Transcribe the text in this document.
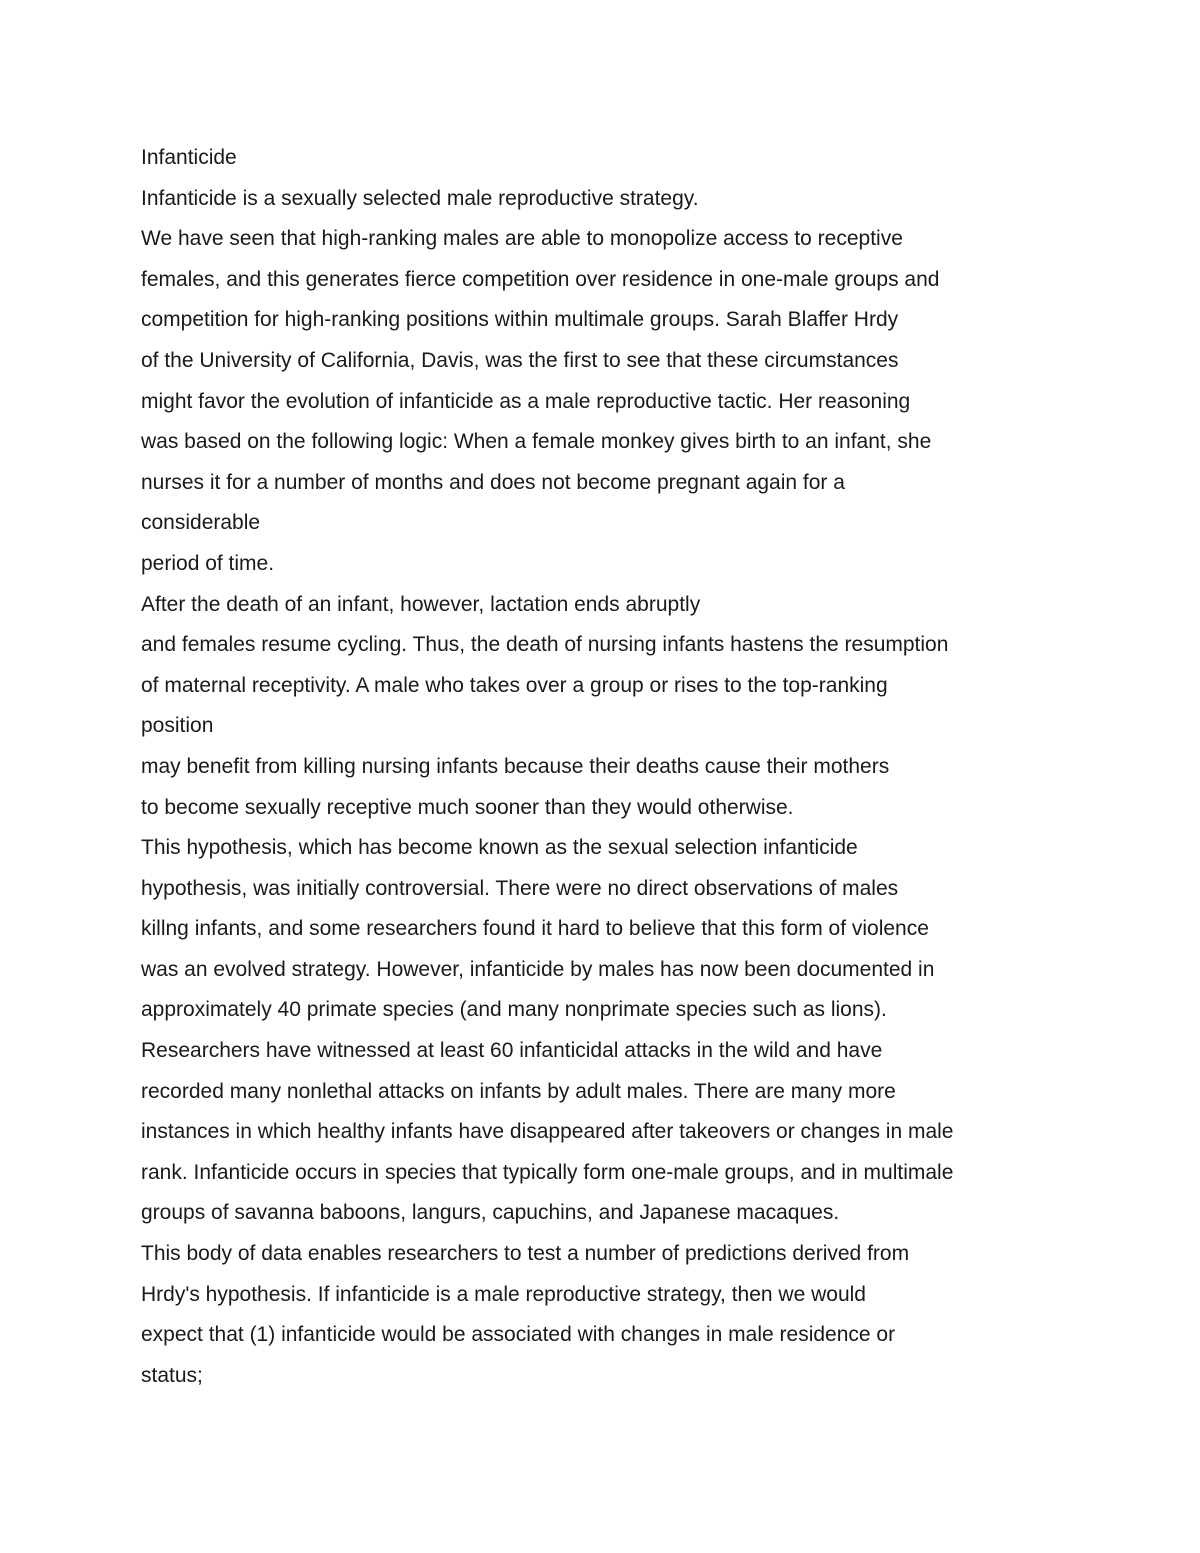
Infanticide
Infanticide is a sexually selected male reproductive strategy.
We have seen that high-ranking males are able to monopolize access to receptive
females, and this generates fierce competition over residence in one-male groups and
competition for high-ranking positions within multimale groups. Sarah Blaffer Hrdy
of the University of California, Davis, was the first to see that these circumstances
might favor the evolution of infanticide as a male reproductive tactic. Her reasoning
was based on the following logic: When a female monkey gives birth to an infant, she
nurses it for a number of months and does not become pregnant again for a
considerable
period of time.
After the death of an infant, however, lactation ends abruptly
and females resume cycling. Thus, the death of nursing infants hastens the resumption
of maternal receptivity. A male who takes over a group or rises to the top-ranking
position
may benefit from killing nursing infants because their deaths cause their mothers
to become sexually receptive much sooner than they would otherwise.
This hypothesis, which has become known as the sexual selection infanticide
hypothesis, was initially controversial. There were no direct observations of males
killng infants, and some researchers found it hard to believe that this form of violence
was an evolved strategy. However, infanticide by males has now been documented in
approximately 40 primate species (and many nonprimate species such as lions).
Researchers have witnessed at least 60 infanticidal attacks in the wild and have
recorded many nonlethal attacks on infants by adult males. There are many more
instances in which healthy infants have disappeared after takeovers or changes in male
rank. Infanticide occurs in species that typically form one-male groups, and in multimale
groups of savanna baboons, langurs, capuchins, and Japanese macaques.
This body of data enables researchers to test a number of predictions derived from
Hrdy's hypothesis. If infanticide is a male reproductive strategy, then we would
expect that (1) infanticide would be associated with changes in male residence or
status;
